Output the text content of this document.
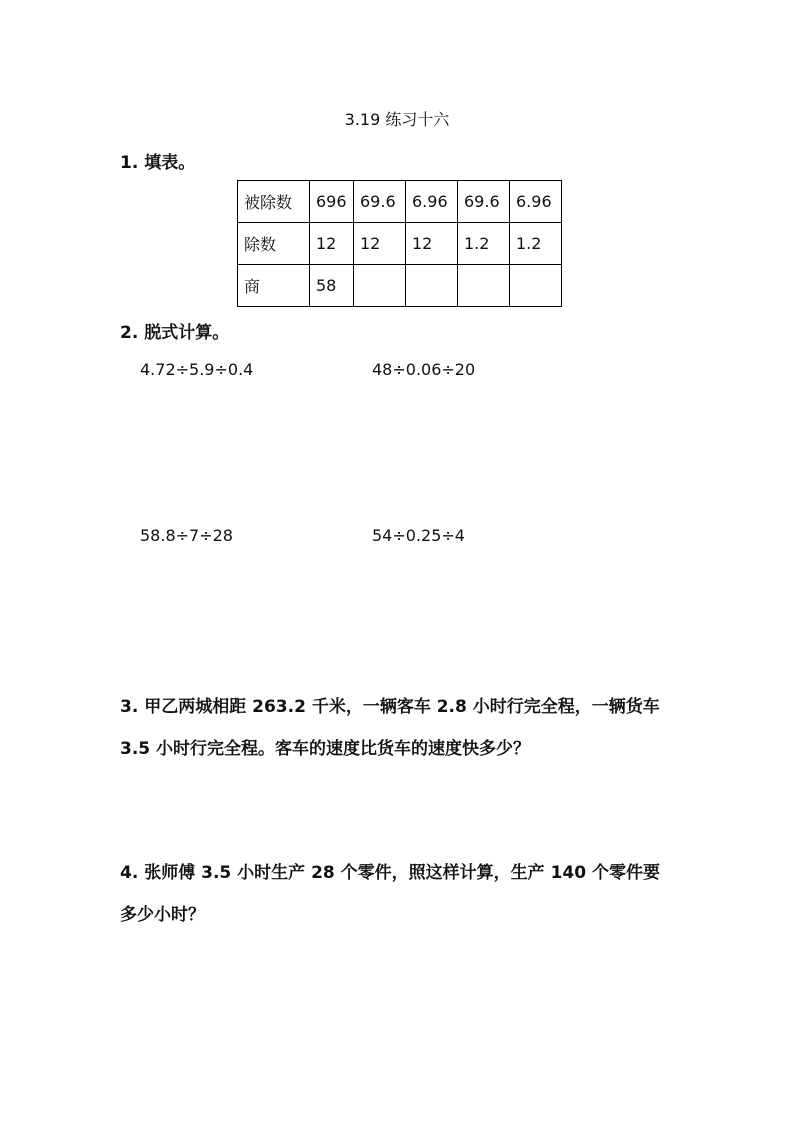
3.19 练习十六
1. 填表。
被除数	696	69.6	6.96	69.6	6.96
除数	12	12	12	1.2	1.2
商	58				
2. 脱式计算。
4.72÷5.9÷0.4	48÷0.06÷20
58.8÷7÷28	54÷0.25÷4
3. 甲乙两城相距 263.2 千米，一辆客车 2.8 小时行完全程，一辆货车
3.5 小时行完全程。客车的速度比货车的速度快多少？
4. 张师傅 3.5 小时生产 28 个零件，照这样计算，生产 140 个零件要
多少小时？
